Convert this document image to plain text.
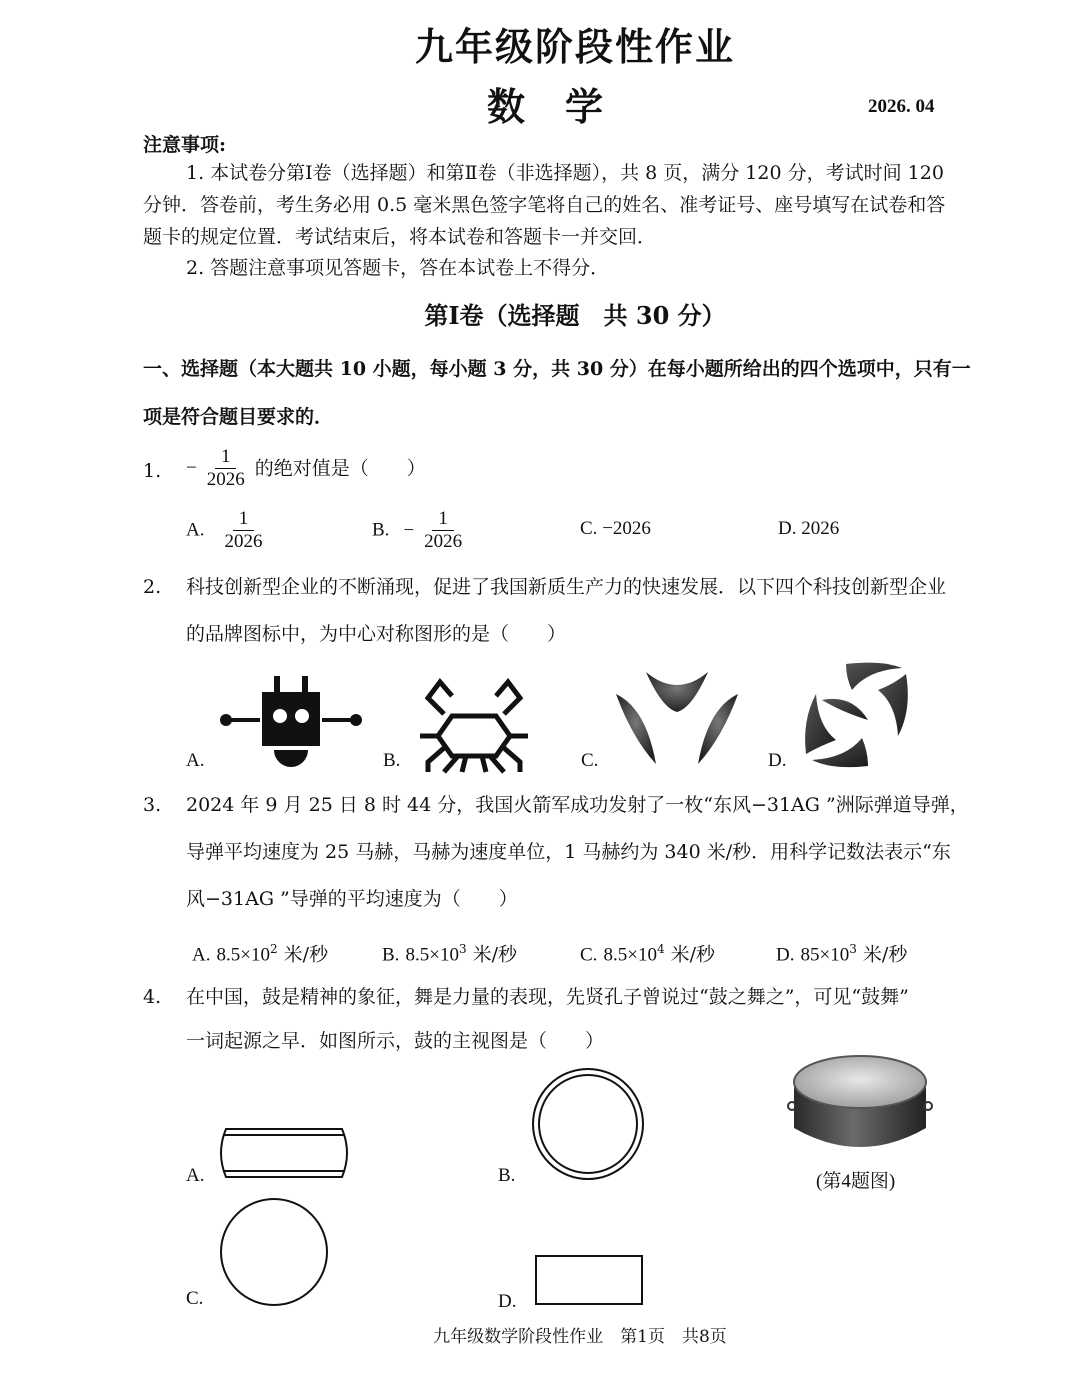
九年级阶段性作业
数学	2026. 04
注意事项:
1. 本试卷分第Ⅰ卷（选择题）和第Ⅱ卷（非选择题），共 8 页，满分 120 分，考试时间 120
分钟．答卷前，考生务必用 0.5 毫米黑色签字笔将自己的姓名、准考证号、座号填写在试卷和答
题卡的规定位置．考试结束后，将本试卷和答题卡一并交回．
2. 答题注意事项见答题卡，答在本试卷上不得分．
第Ⅰ卷（选择题　共 30 分）
一、选择题（本大题共 10 小题，每小题 3 分，共 30 分）在每小题所给出的四个选项中，只有一
项是符合题目要求的．
1. − $\frac{1}{2026}$ 的绝对值是（　　）
A. $\frac{1}{2026}$	B. − $\frac{1}{2026}$	C. −2026	D. 2026
2. 科技创新型企业的不断涌现，促进了我国新质生产力的快速发展．以下四个科技创新型企业
的品牌图标中，为中心对称图形的是（　　）
A.	B.	C.	D.
3. 2024 年 9 月 25 日 8 时 44 分，我国火箭军成功发射了一枚“东风−31AG ”洲际弹道导弹，
导弹平均速度为 25 马赫，马赫为速度单位，1 马赫约为 340 米/秒．用科学记数法表示“东
风−31AG ”导弹的平均速度为（　　）
A. $8.5\times 10^2$ 米/秒	B. $8.5\times 10^3$ 米/秒	C. $8.5\times 10^4$ 米/秒	D. $85\times 10^3$ 米/秒
4. 在中国，鼓是精神的象征，舞是力量的表现，先贤孔子曾说过“鼓之舞之”，可见“鼓舞”
一词起源之早．如图所示，鼓的主视图是（　　）
A.	B.
C.	D.
(第4题图)
九年级数学阶段性作业　第1页　共8页
